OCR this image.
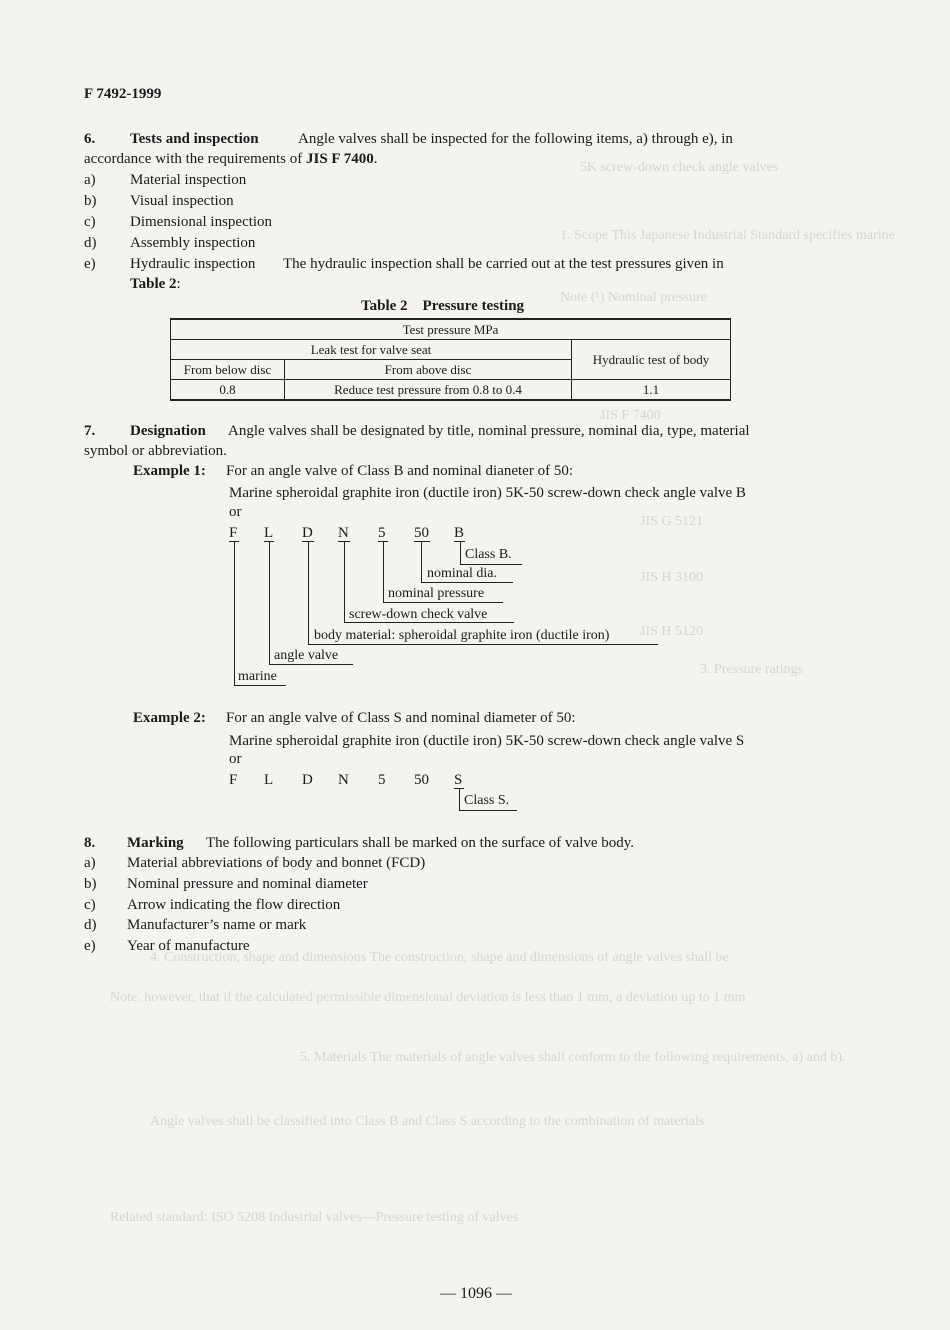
5K screw-down check angle valves
1. Scope This Japanese Industrial Standard specifies marine
Note (¹) Nominal pressure
JIS F 7400
JIS G 5121
JIS H 3100
JIS H 5120
3. Pressure ratings
4. Construction, shape and dimensions The construction, shape and dimensions of angle valves shall be
Note. however, that if the calculated permissible dimensional deviation is less than 1 mm, a deviation up to 1 mm
5. Materials The materials of angle valves shall conform to the following requirements, a) and b).
Angle valves shall be classified into Class B and Class S according to the combination of materials
Related standard: ISO 5208 Industrial valves—Pressure testing of valves
F 7492-1999
6. Tests and inspection	Angle valves shall be inspected for the following items, a) through e), in
accordance with the requirements of JIS F 7400.
a) Material inspection
b) Visual inspection
c) Dimensional inspection
d) Assembly inspection
e) Hydraulic inspection The hydraulic inspection shall be carried out at the test pressures given in
Table 2:
Table 2    Pressure testing
Test pressure MPa		
Leak test for valve seat		Hydraulic test of body
From below disc	From above disc	
0.8	Reduce test pressure from 0.8 to 0.4	1.1
7. Designation Angle valves shall be designated by title, nominal pressure, nominal dia, type, material
symbol or abbreviation.
Example 1: For an angle valve of Class B and nominal dianeter of 50:
Marine spheroidal graphite iron (ductile iron) 5K-50 screw-down check angle valve B
or
F L D N 5 50 B
Class B.
nominal dia.
nominal pressure
screw-down check valve
body material: spheroidal graphite iron (ductile iron)
angle valve
marine
Example 2: For an angle valve of Class S and nominal diameter of 50:
Marine spheroidal graphite iron (ductile iron) 5K-50 screw-down check angle valve S
or
F L D N 5 50 S
Class S.
8. Marking The following particulars shall be marked on the surface of valve body.
a) Material abbreviations of body and bonnet (FCD)
b) Nominal pressure and nominal diameter
c) Arrow indicating the flow direction
d) Manufacturer’s name or mark
e) Year of manufacture
— 1096 —
